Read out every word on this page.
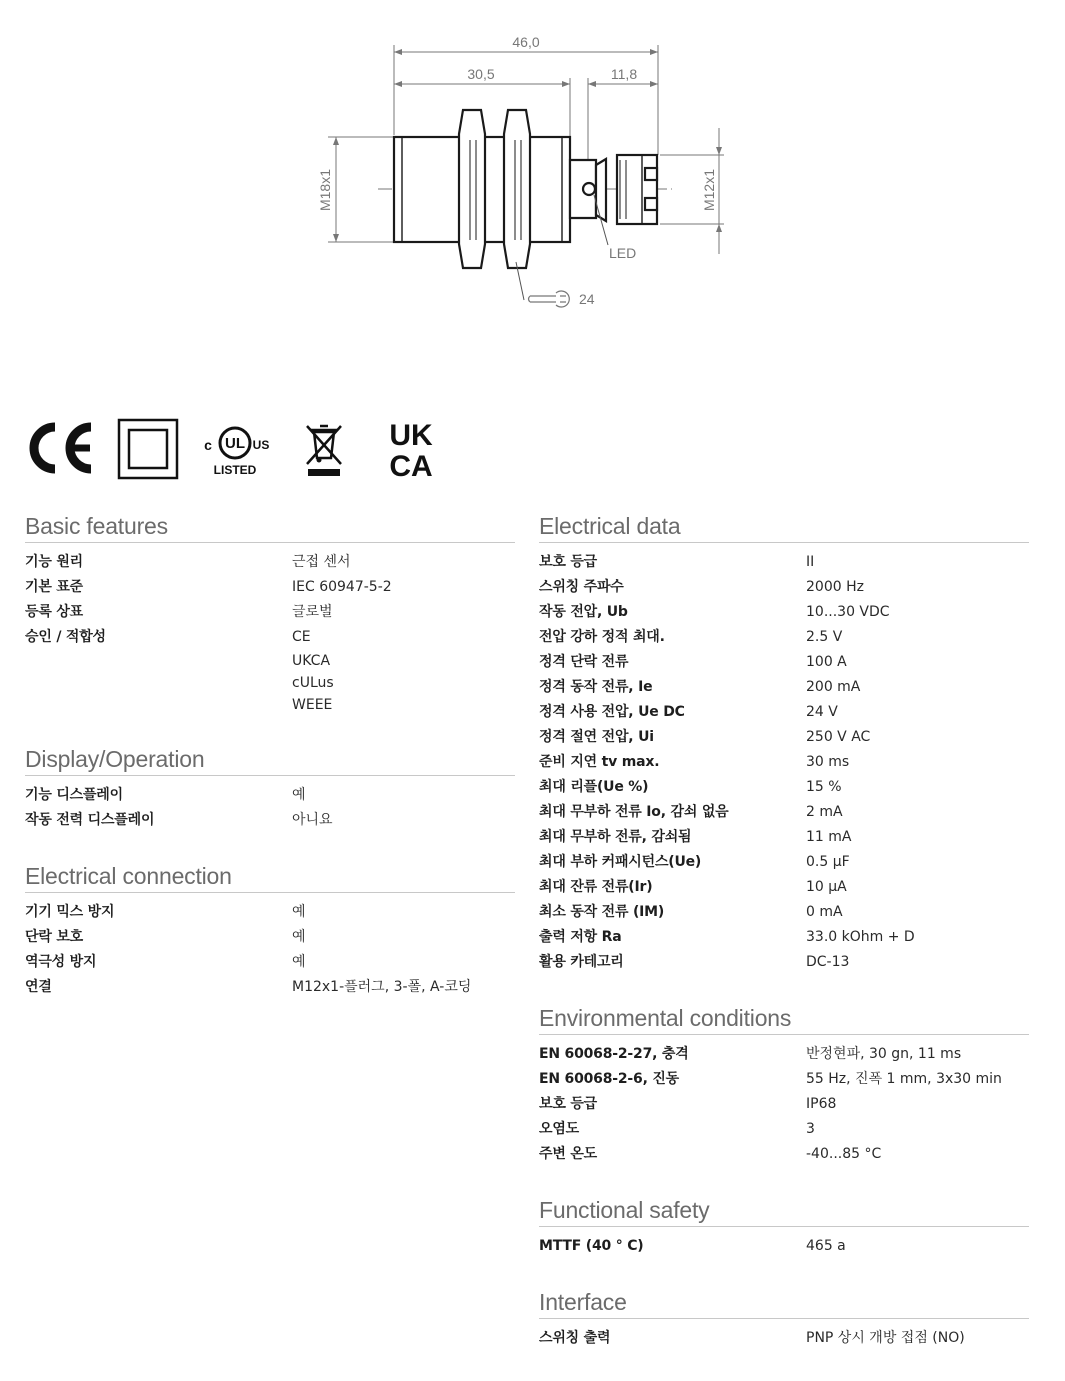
46,0
30,5	11,8
M18x1	M12x1
LED
24
UL
c	US
LISTED
UK
CA
Basic features
기능 원리	근접 센서
기본 표준	IEC 60947-5-2
등록 상표	글로벌
승인 / 적합성	CE
UKCA
cULus
WEEE
Display/Operation
기능 디스플레이	예
작동 전력 디스플레이	아니요
Electrical connection
기기 믹스 방지	예
단락 보호	예
역극성 방지	예
연결	M12x1-플러그, 3-폴, A-코딩
Electrical data
보호 등급	II
스위칭 주파수	2000 Hz
작동 전압, Ub	10...30 VDC
전압 강하 정적 최대.	2.5 V
정격 단락 전류	100 A
정격 동작 전류, Ie	200 mA
정격 사용 전압, Ue DC	24 V
정격 절연 전압, Ui	250 V AC
준비 지연 tv max.	30 ms
최대 리플(Ue %)	15 %
최대 무부하 전류 Io, 감쇠 없음	2 mA
최대 무부하 전류, 감쇠됨	11 mA
최대 부하 커패시턴스(Ue)	0.5 µF
최대 잔류 전류(Ir)	10 µA
최소 동작 전류 (IM)	0 mA
출력 저항 Ra	33.0 kOhm + D
활용 카테고리	DC-13
Environmental conditions
EN 60068-2-27, 충격	반정현파, 30 gn, 11 ms
EN 60068-2-6, 진동	55 Hz, 진폭 1 mm, 3x30 min
보호 등급	IP68
오염도	3
주변 온도	-40...85 °C
Functional safety
MTTF (40 ° C)	465 a
Interface
스위칭 출력	PNP 상시 개방 접점 (NO)
